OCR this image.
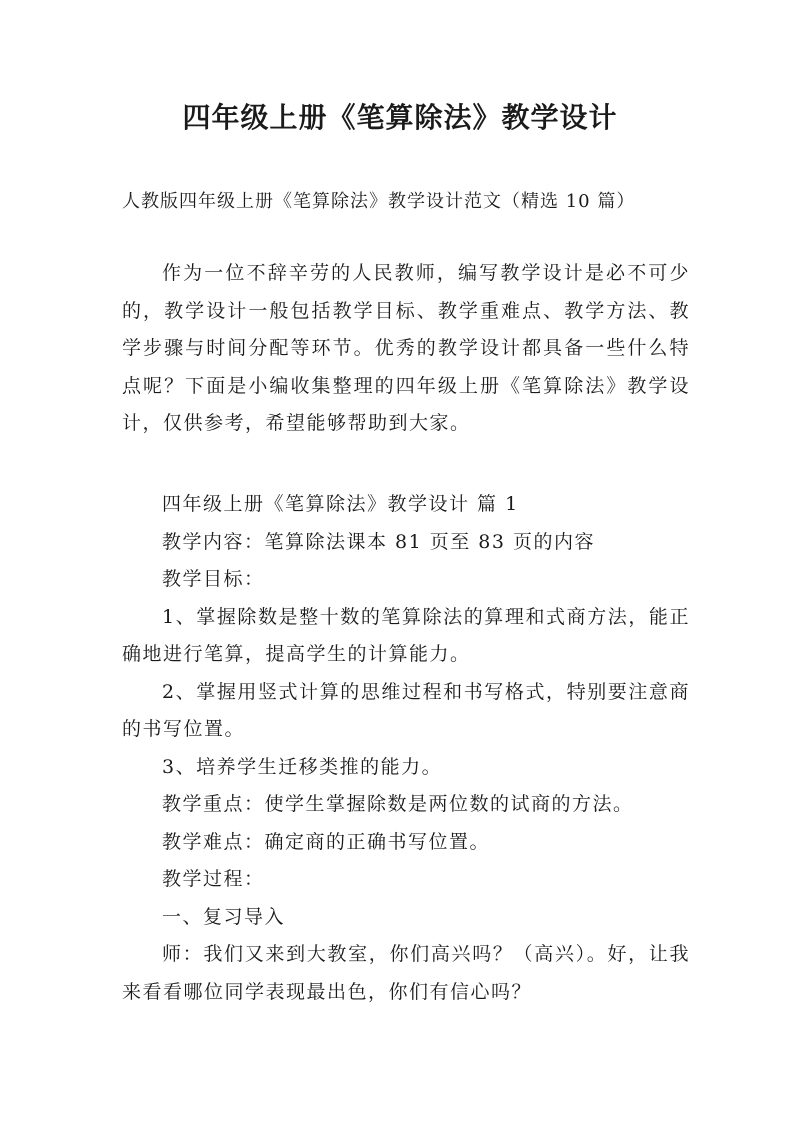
四年级上册《笔算除法》教学设计
人教版四年级上册《笔算除法》教学设计范文（精选 10 篇）

作为一位不辞辛劳的人民教师，编写教学设计是必不可少的，教学设计一般包括教学目标、教学重难点、教学方法、教学步骤与时间分配等环节。优秀的教学设计都具备一些什么特点呢？下面是小编收集整理的四年级上册《笔算除法》教学设计，仅供参考，希望能够帮助到大家。

四年级上册《笔算除法》教学设计 篇 1

教学内容：笔算除法课本 81 页至 83 页的内容

教学目标：

1、掌握除数是整十数的笔算除法的算理和式商方法，能正确地进行笔算，提高学生的计算能力。

2、掌握用竖式计算的思维过程和书写格式，特别要注意商的书写位置。

3、培养学生迁移类推的能力。

教学重点：使学生掌握除数是两位数的试商的方法。

教学难点：确定商的正确书写位置。

教学过程：

一、复习导入

师：我们又来到大教室，你们高兴吗？（高兴）。好，让我来看看哪位同学表现最出色，你们有信心吗？
